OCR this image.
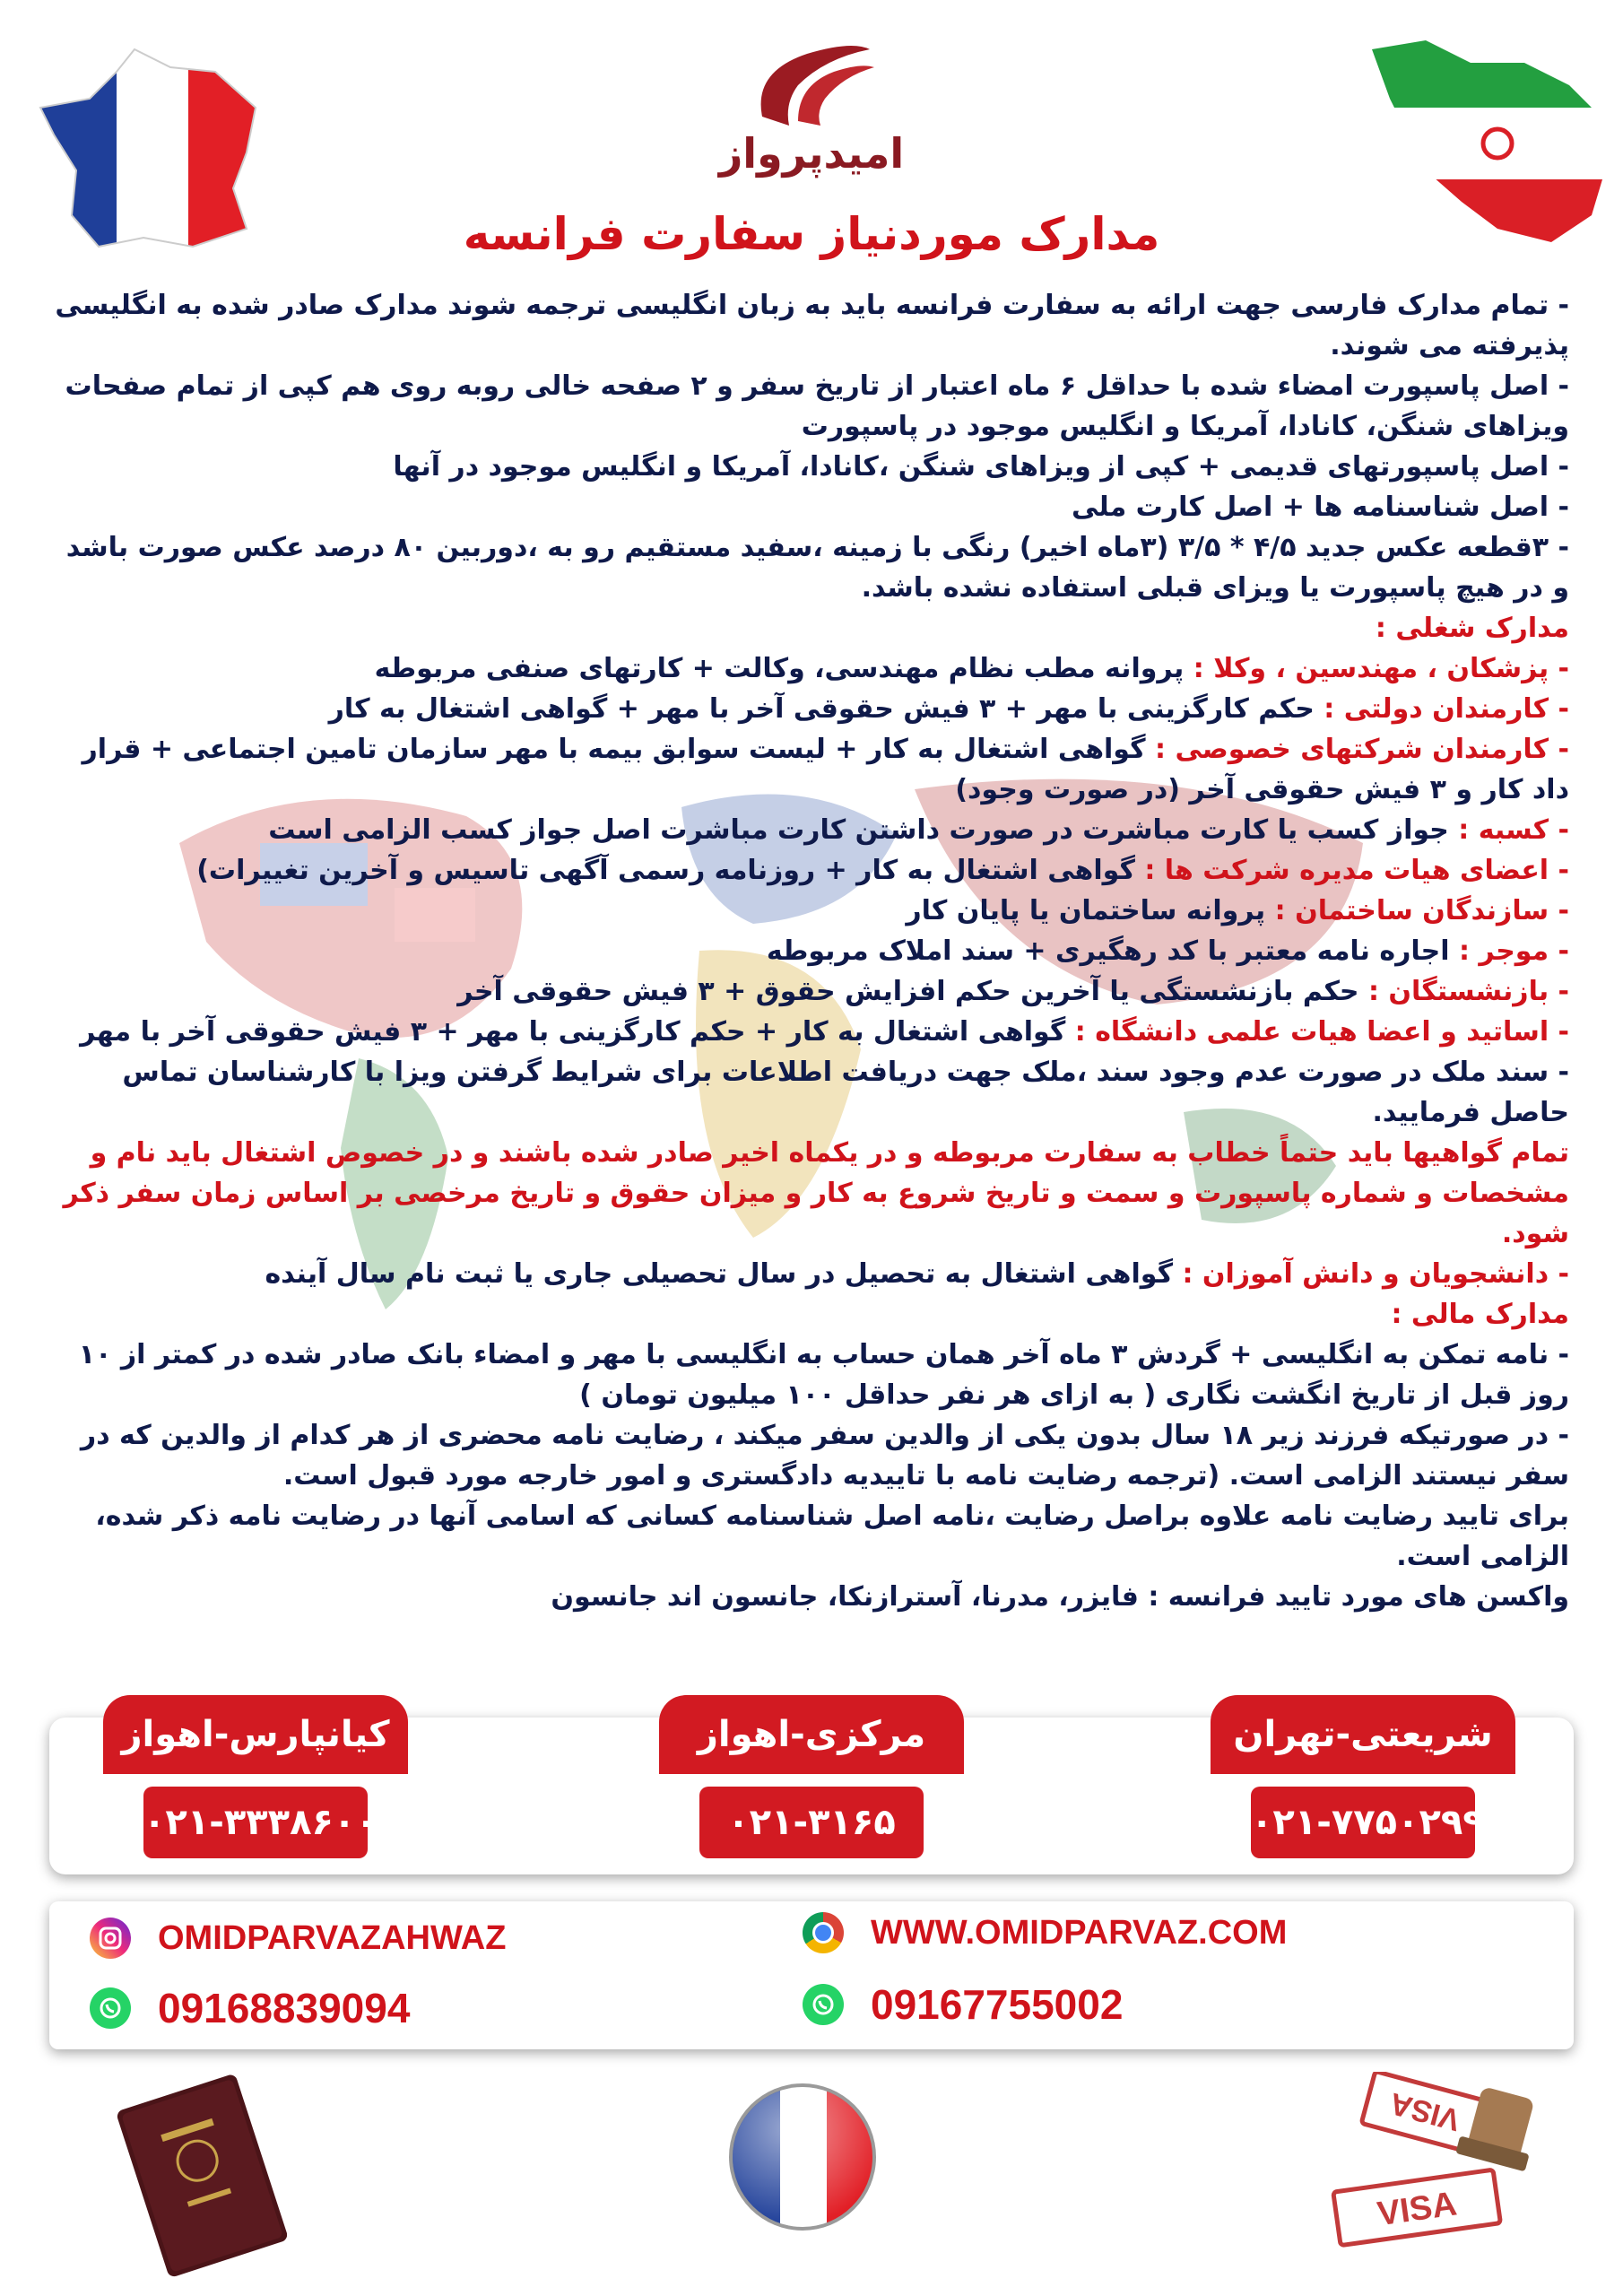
امیدپرواز
مدارک موردنیاز سفارت فرانسه

- تمام مدارک فارسی جهت ارائه به سفارت فرانسه باید به زبان انگلیسی ترجمه شوند مدارک صادر شده به انگلیسی پذیرفته می شوند.

- اصل پاسپورت امضاء شده با حداقل ۶ ماه اعتبار از تاریخ سفر و ۲ صفحه خالی روبه روی هم کپی از تمام صفحات ویزاهای شنگن، کانادا، آمریکا و انگلیس موجود در پاسپورت

- اصل پاسپورتهای قدیمی + کپی از ویزاهای شنگن ،کانادا، آمریکا و انگلیس موجود در آنها

- اصل شناسنامه ها + اصل کارت ملی

- ۳قطعه عکس جدید ۴/۵ * ۳/۵ (۳ماه اخیر) رنگی با زمینه ،سفید مستقیم رو به ،دوربین ۸۰ درصد عکس صورت باشد و در هیچ پاسپورت یا ویزای قبلی استفاده نشده باشد.

مدارک شغلی :

- پزشکان ، مهندسین ، وکلا : پروانه مطب نظام مهندسی، وکالت + کارتهای صنفی مربوطه

- کارمندان دولتی : حکم کارگزینی با مهر + ۳ فیش حقوقی آخر با مهر + گواهی اشتغال به کار

- کارمندان شرکتهای خصوصی : گواهی اشتغال به کار + لیست سوابق بیمه با مهر سازمان تامین اجتماعی + قرار داد کار و ۳ فیش حقوقی آخر (در صورت وجود)

- کسبه : جواز کسب یا کارت مباشرت در صورت داشتن کارت مباشرت اصل جواز کسب الزامی است

- اعضای هیات مدیره شرکت ها : گواهی اشتغال به کار + روزنامه رسمی آگهی تاسیس و آخرین تغییرات)

- سازندگان ساختمان : پروانه ساختمان یا پایان کار

- موجر : اجاره نامه معتبر با کد رهگیری + سند املاک مربوطه

- بازنشستگان : حکم بازنشستگی یا آخرین حکم افزایش حقوق + ۳ فیش حقوقی آخر

- اساتید و اعضا هیات علمی دانشگاه : گواهی اشتغال به کار + حکم کارگزینی با مهر + ۳ فیش حقوقی آخر با مهر

- سند ملک در صورت عدم وجود سند ،ملک جهت دریافت اطلاعات برای شرایط گرفتن ویزا با کارشناسان تماس حاصل فرمایید.

تمام گواهیها باید حتماً خطاب به سفارت مربوطه و در یکماه اخیر صادر شده باشند و در خصوص اشتغال باید نام و مشخصات و شماره پاسپورت و سمت و تاریخ شروع به کار و میزان حقوق و تاریخ مرخصی بر اساس زمان سفر ذکر شود.

- دانشجویان و دانش آموزان : گواهی اشتغال به تحصیل در سال تحصیلی جاری یا ثبت نام سال آینده

مدارک مالی :

- نامه تمکن به انگلیسی + گردش ۳ ماه آخر همان حساب به انگلیسی با مهر و امضاء بانک صادر شده در کمتر از ۱۰ روز قبل از تاریخ انگشت نگاری ( به ازای هر نفر حداقل ۱۰۰ میلیون تومان )

- در صورتیکه فرزند زیر ۱۸ سال بدون یکی از والدین سفر میکند ، رضایت نامه محضری از هر کدام از والدین که در سفر نیستند الزامی است. (ترجمه رضایت نامه با تاییدیه دادگستری و امور خارجه مورد قبول است.

برای تایید رضایت نامه علاوه براصل رضایت ،نامه اصل شناسنامه کسانی که اسامی آنها در رضایت نامه ذکر شده، الزامی است.

واکسن های مورد تایید فرانسه : فایزر، مدرنا، آسترازنکا، جانسون اند جانسون

شریعتی-تهران
۰۲۱-۷۷۵۰۲۹۹۱
مرکزی-اهواز
۰۲۱-۳۱۶۵
کیانپارس-اهواز
۰۲۱-۳۳۳۸۶۰۰۰
OMIDPARVAZAHWAZ
09168839094
WWW.OMIDPARVAZ.COM
09167755002
VISA
VISA
